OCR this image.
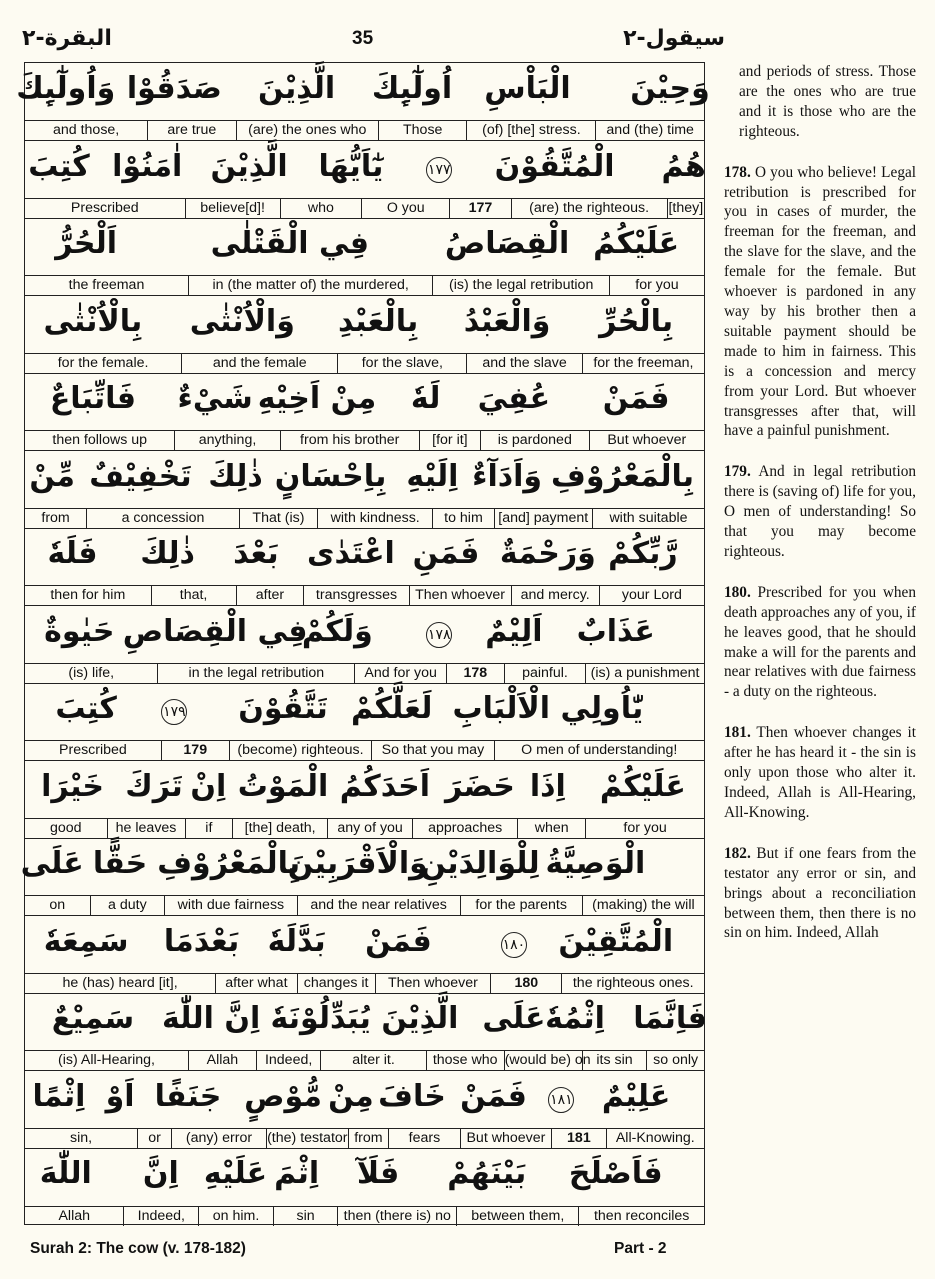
سیقول-۲
35
البقرة-۲
وَحِيْنَ
الْبَاْسِ
اُولٰٓىِٕكَ
الَّذِيْنَ
صَدَقُوْا
وَاُولٰٓىِٕكَ
and (the) time
(of) [the] stress.
Those
(are) the ones who
are true
and those,
هُمُ
الْمُتَّقُوْنَ
۱۷۷
يٰٓاَيُّهَا
الَّذِيْنَ
اٰمَنُوْا
كُتِبَ
[they]
(are) the righteous.
177
O you
who
believe[d]!
Prescribed
عَلَيْكُمُ
الْقِصَاصُ
فِي الْقَتْلٰى
اَلْحُرُّ
for you
(is) the legal retribution
in (the matter of) the murdered,
the freeman
بِالْحُرِّ
وَالْعَبْدُ
بِالْعَبْدِ
وَالْاُنْثٰى
بِالْاُنْثٰى
for the freeman,
and the slave
for the slave,
and the female
for the female.
فَمَنْ
عُفِيَ
لَهٗ
مِنْ اَخِيْهِ
شَيْءٌ
فَاتِّبَاعٌ
But whoever
is pardoned
[for it]
from his brother
anything,
then follows up
بِالْمَعْرُوْفِ
وَاَدَآءٌ
اِلَيْهِ
بِاِحْسَانٍ
ذٰلِكَ
تَخْفِيْفٌ
مِّنْ
with suitable
[and] payment
to him
with kindness.
That (is)
a concession
from
رَّبِّكُمْ
وَرَحْمَةٌ
فَمَنِ
اعْتَدٰى
بَعْدَ
ذٰلِكَ
فَلَهٗ
your Lord
and mercy.
Then whoever
transgresses
after
that,
then for him
عَذَابٌ
اَلِيْمٌ
۱۷۸
وَلَكُمْ
فِي الْقِصَاصِ
حَيٰوةٌ
(is) a punishment
painful.
178
And for you
in the legal retribution
(is) life,
يّٰاُولِي الْاَلْبَابِ
لَعَلَّكُمْ
تَتَّقُوْنَ
۱۷۹
كُتِبَ
O men of understanding!
So that you may
(become) righteous.
179
Prescribed
عَلَيْكُمْ
اِذَا
حَضَرَ
اَحَدَكُمُ
الْمَوْتُ
اِنْ
تَرَكَ
خَيْرَا
for you
when
approaches
any of you
[the] death,
if
he leaves
good
الْوَصِيَّةُ
لِلْوَالِدَيْنِ
وَالْاَقْرَبِيْنَ
بِالْمَعْرُوْفِ
حَقًّا
عَلَى
(making) the will
for the parents
and the near relatives
with due fairness
a duty
on
الْمُتَّقِيْنَ
۱۸۰
فَمَنْ
بَدَّلَهٗ
بَعْدَمَا
سَمِعَهٗ
the righteous ones.
180
Then whoever
changes it
after what
he (has) heard [it],
فَاِنَّمَا
اِثْمُهٗ
عَلَى
الَّذِيْنَ يُبَدِّلُوْنَهٗ
اِنَّ
اللّٰهَ
سَمِيْعٌ
so only
its sin
(would be) on
those who
alter it.
Indeed,
Allah
(is) All-Hearing,
عَلِيْمٌ
۱۸۱
فَمَنْ
خَافَ
مِنْ
مُّوْصٍ
جَنَفًا
اَوْ
اِثْمًا
All-Knowing.
181
But whoever
fears
from
(the) testator
(any) error
or
sin,
فَاَصْلَحَ
بَيْنَهُمْ
فَلَآ
اِثْمَ
عَلَيْهِ
اِنَّ
اللّٰهَ
then reconciles
between them,
then (there is) no
sin
on him.
Indeed,
Allah
and periods of stress. Those are the ones who are true and it is those who are the righteous.
178. O you who believe! Legal retribution is prescribed for you in cases of murder, the freeman for the freeman, and the slave for the slave, and the female for the female. But whoever is pardoned in any way by his brother then a suitable payment should be made to him in fairness. This is a concession and mercy from your Lord. But whoever transgresses after that, will have a painful punishment.
179. And in legal retribution there is (saving of) life for you, O men of understanding! So that you may become righteous.
180. Prescribed for you when death approaches any of you, if he leaves good, that he should make a will for the parents and near relatives with due fairness - a duty on the righteous.
181. Then whoever changes it after he has heard it - the sin is only upon those who alter it. Indeed, Allah is All-Hearing, All-Knowing.
182. But if one fears from the testator any error or sin, and brings about a reconciliation between them, then there is no sin on him. Indeed, Allah
Surah 2: The cow (v. 178-182)	Part - 2
